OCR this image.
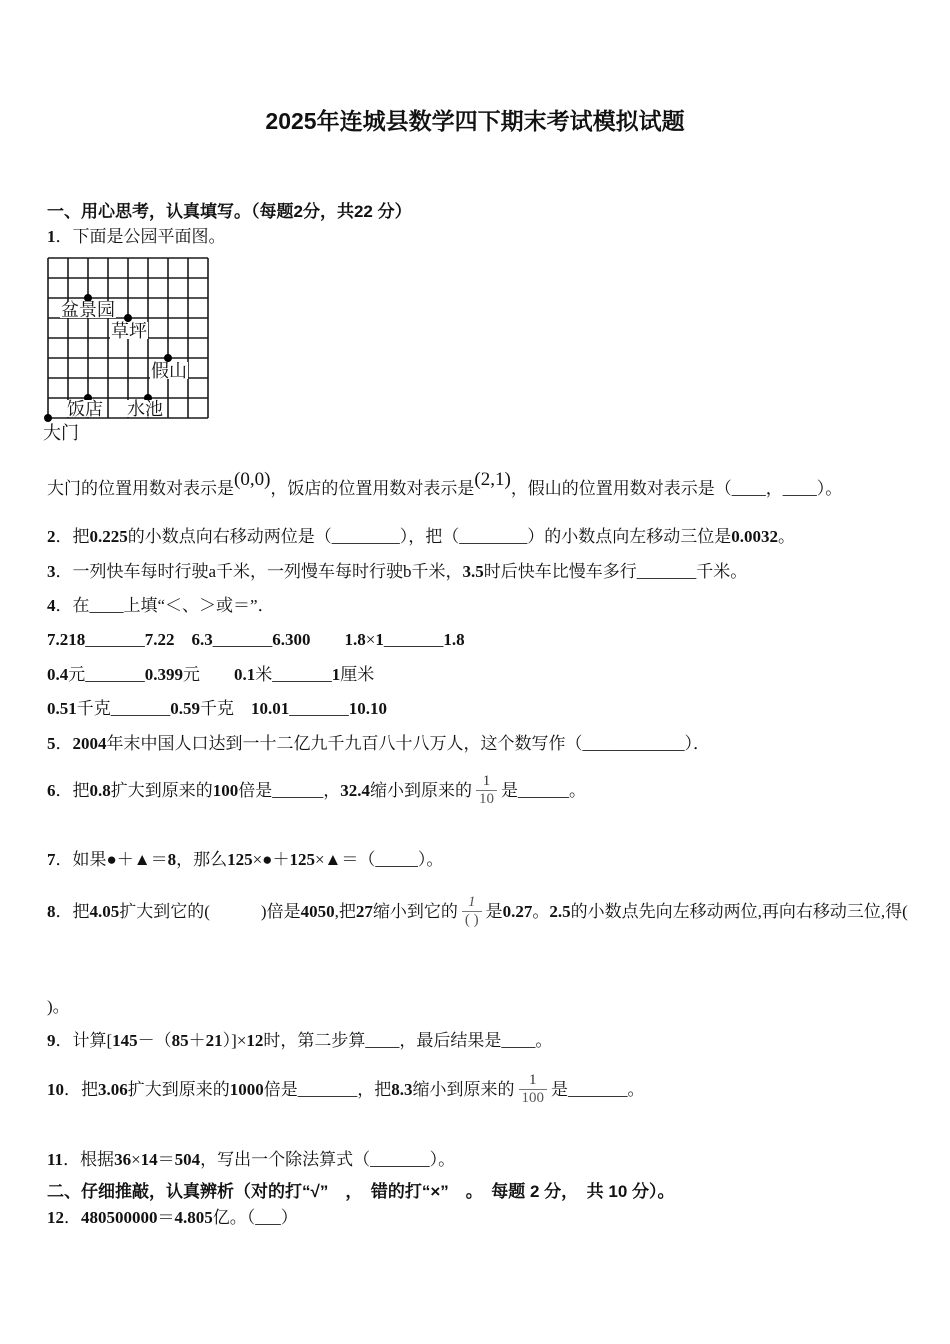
2025年连城县数学四下期末考试模拟试题
一、用心思考，认真填写。（每题2分，共22 分）
1．下面是公园平面图。
盆景园
草坪
假山
饭店 水池
大门
大门的位置用数对表示是(0,0)，饭店的位置用数对表示是(2,1)，假山的位置用数对表示是（____，____）。
2．把0.225的小数点向右移动两位是（________），把（________）的小数点向左移动三位是0.0032。
3．一列快车每时行驶a千米，一列慢车每时行驶b千米，3.5时后快车比慢车多行_______千米。
4．在____上填“＜、＞或＝”．
7.218_______7.22　 6.3_______6.300　　 1.8×1_______1.8
0.4元_______0.399元　　0.1米_______1厘米
0.51千克_______0.59千克　10.01_______10.10
5．2004年末中国人口达到一十二亿九千九百八十八万人，这个数写作（____________）．
6．把0.8扩大到原来的100倍是______，32.4缩小到原来的 $\frac{1}{10}$ 是______。
7．如果●＋▲＝8，那么125×●＋125×▲＝（_____）。
8．把4.05扩大到它的(　　　)倍是4050,把27缩小到它的 $\frac{1}{( )}$ 是0.27。2.5的小数点先向左移动两位,再向右移动三位,得(
)。
9．计算[145－（85＋21）]×12时，第二步算____，最后结果是____。
10．把3.06扩大到原来的1000倍是_______，把8.3缩小到原来的 $\frac{1}{100}$ 是_______。
11．根据36×14＝504，写出一个除法算式（_______）。
二、仔细推敲，认真辨析（对的打“√”　，　错的打“×”　。　每题 2 分，　共 10 分）。
12．480500000＝4.805亿。（___）
